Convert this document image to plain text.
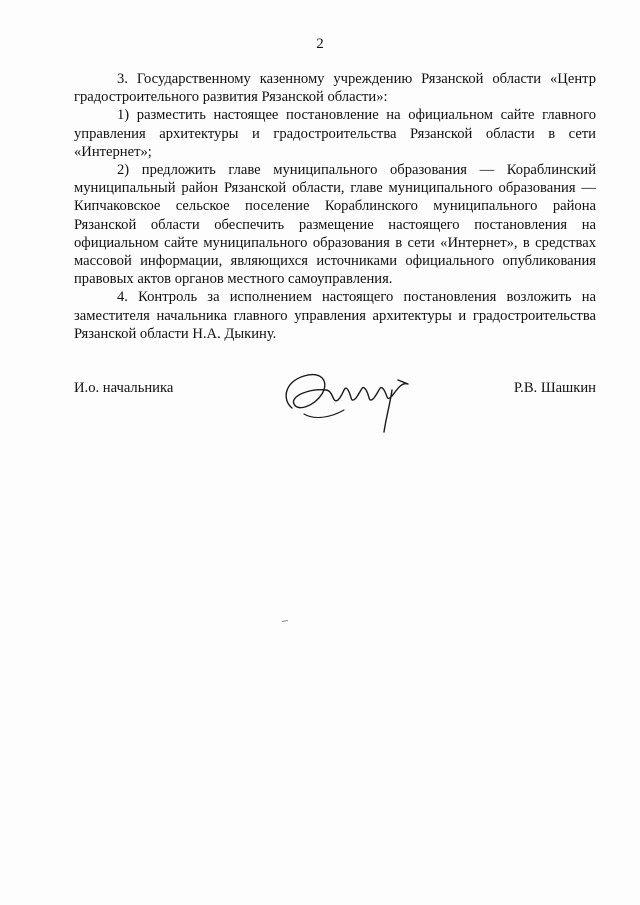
2

3. Государственному казенному учреждению Рязанской области «Центр градостроительного развития Рязанской области»:

1) разместить настоящее постановление на официальном сайте главного управления архитектуры и градостроительства Рязанской области в сети «Интернет»;

2) предложить главе муниципального образования — Кораблинский муниципальный район Рязанской области, главе муниципального образования — Кипчаковское сельское поселение Кораблинского муниципального района Рязанской области обеспечить размещение настоящего постановления на официальном сайте муниципального образования в сети «Интернет», в средствах массовой информации, являющихся источниками официального опубликования правовых актов органов местного самоуправления.

4. Контроль за исполнением настоящего постановления возложить на заместителя начальника главного управления архитектуры и градостроительства Рязанской области Н.А. Дыкину.

И.о. начальника	Р.В. Шашкин
